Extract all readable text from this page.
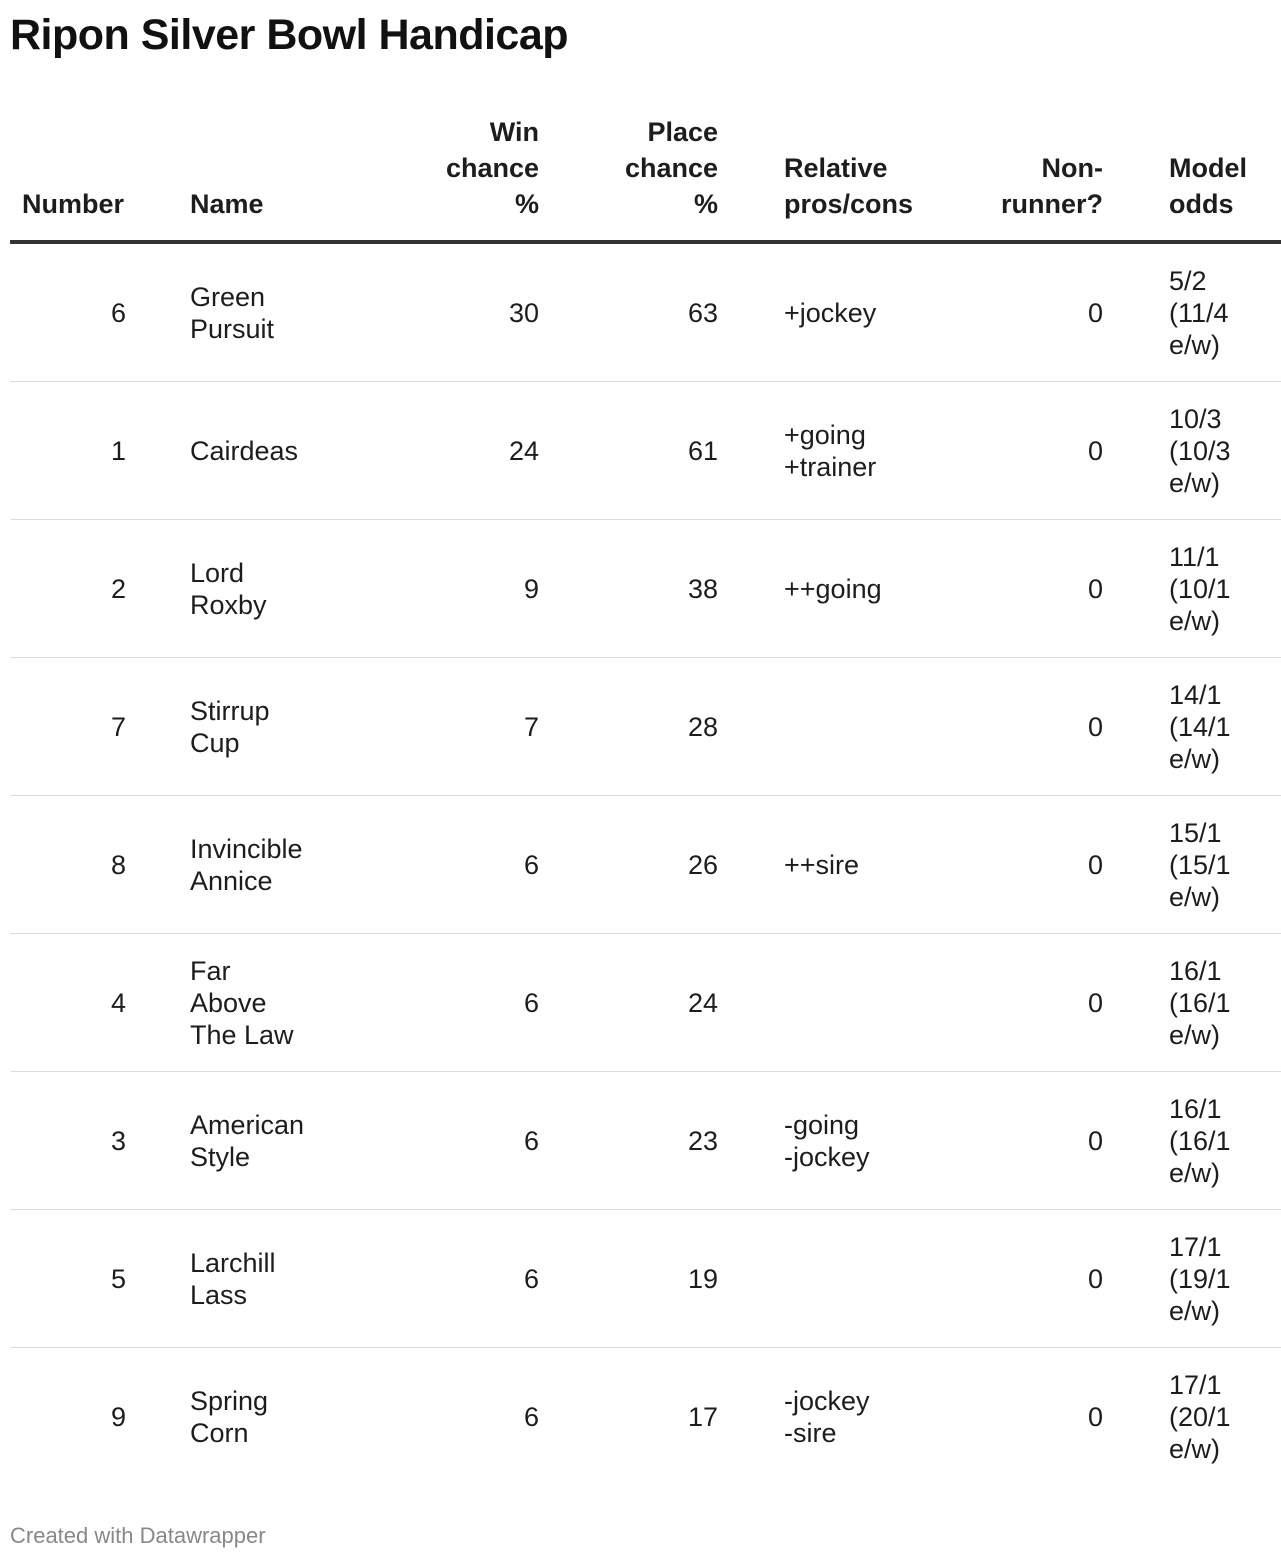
Ripon Silver Bowl Handicap
Number	Name	Win
chance
%	Place
chance
%	Relative
pros/cons	Non-
runner?	Model
odds
6	Green
Pursuit	30	63	+jockey	0	5/2
(11/4
e/w)
1	Cairdeas	24	61	+going
+trainer	0	10/3
(10/3
e/w)
2	Lord
Roxby	9	38	++going	0	11/1
(10/1
e/w)
7	Stirrup
Cup	7	28		0	14/1
(14/1
e/w)
8	Invincible
Annice	6	26	++sire	0	15/1
(15/1
e/w)
4	Far
Above
The Law	6	24		0	16/1
(16/1
e/w)
3	American
Style	6	23	-going
-jockey	0	16/1
(16/1
e/w)
5	Larchill
Lass	6	19		0	17/1
(19/1
e/w)
9	Spring
Corn	6	17	-jockey
-sire	0	17/1
(20/1
e/w)
Created with Datawrapper
